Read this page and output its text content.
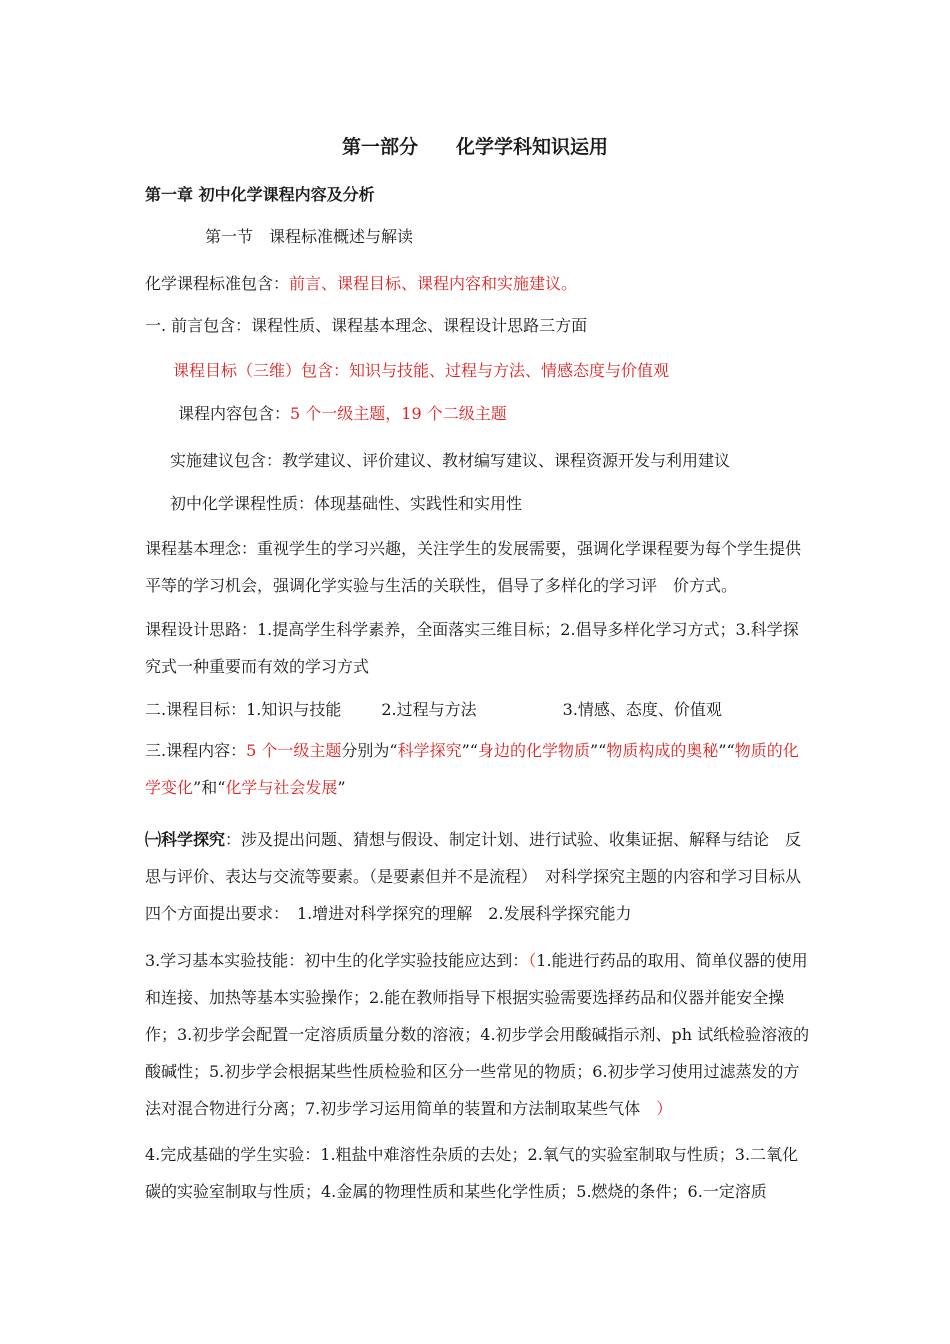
第一部分　　化学学科知识运用
第一章 初中化学课程内容及分析
第一节　课程标准概述与解读
化学课程标准包含：前言、课程目标、课程内容和实施建议。
一. 前言包含：课程性质、课程基本理念、课程设计思路三方面
课程目标（三维）包含：知识与技能、过程与方法、情感态度与价值观
课程内容包含：5 个一级主题，19 个二级主题
实施建议包含：教学建议、评价建议、教材编写建议、课程资源开发与利用建议
初中化学课程性质：体现基础性、实践性和实用性
课程基本理念：重视学生的学习兴趣，关注学生的发展需要，强调化学课程要为每个学生提供平等的学习机会，强调化学实验与生活的关联性，倡导了多样化的学习评　价方式。
课程设计思路：1.提高学生科学素养，全面落实三维目标；2.倡导多样化学习方式；3.科学探究式一种重要而有效的学习方式
二.课程目标：1.知识与技能	2.过程与方法	3.情感、态度、价值观
三.课程内容：5 个一级主题分别为“科学探究”“身边的化学物质”“物质构成的奥秘”“物质的化学变化”和“化学与社会发展”
㈠科学探究：涉及提出问题、猜想与假设、制定计划、进行试验、收集证据、解释与结论　反思与评价、表达与交流等要素。（是要素但并不是流程）　对科学探究主题的内容和学习目标从四个方面提出要求：　1.增进对科学探究的理解　2.发展科学探究能力
3.学习基本实验技能：初中生的化学实验技能应达到：（1.能进行药品的取用、简单仪器的使用和连接、加热等基本实验操作；2.能在教师指导下根据实验需要选择药品和仪器并能安全操作；3.初步学会配置一定溶质质量分数的溶液；4.初步学会用酸碱指示剂、ph 试纸检验溶液的酸碱性；5.初步学会根据某些性质检验和区分一些常见的物质；6.初步学习使用过滤蒸发的方法对混合物进行分离；7.初步学习运用简单的装置和方法制取某些气体　）
4.完成基础的学生实验：1.粗盐中难溶性杂质的去处；2.氧气的实验室制取与性质；3.二氧化碳的实验室制取与性质；4.金属的物理性质和某些化学性质；5.燃烧的条件；6.一定溶质
